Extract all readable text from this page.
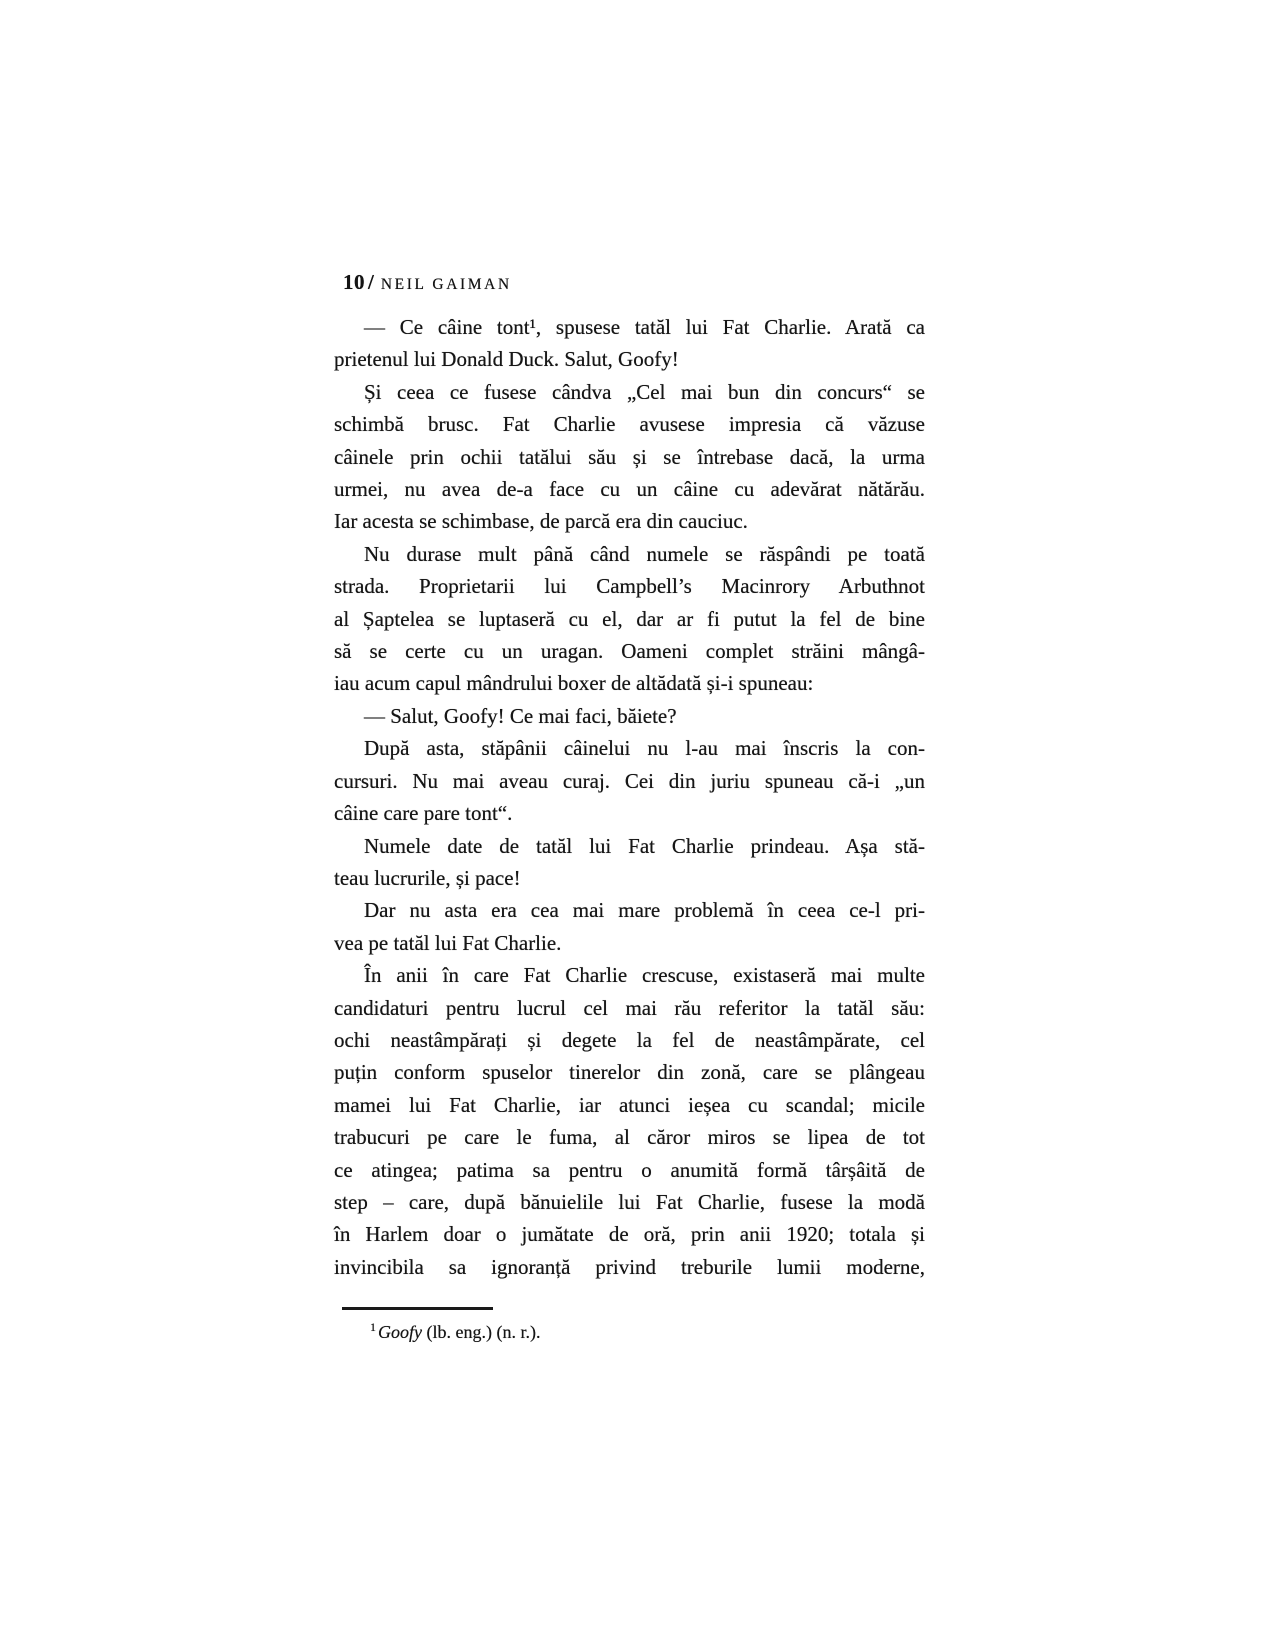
10 / NEIL GAIMAN
— Ce câine tont¹, spusese tatăl lui Fat Charlie. Arată ca
prietenul lui Donald Duck. Salut, Goofy!
Și ceea ce fusese cândva „Cel mai bun din concurs“ se
schimbă brusc. Fat Charlie avusese impresia că văzuse
câinele prin ochii tatălui său și se întrebase dacă, la urma
urmei, nu avea de-a face cu un câine cu adevărat nătărău.
Iar acesta se schimbase, de parcă era din cauciuc.
Nu durase mult până când numele se răspândi pe toată
strada. Proprietarii lui Campbell’s Macinrory Arbuthnot
al Șaptelea se luptaseră cu el, dar ar fi putut la fel de bine
să se certe cu un uragan. Oameni complet străini mângâ-
iau acum capul mândrului boxer de altădată și-i spuneau:
— Salut, Goofy! Ce mai faci, băiete?
După asta, stăpânii câinelui nu l-au mai înscris la con-
cursuri. Nu mai aveau curaj. Cei din juriu spuneau că-i „un
câine care pare tont“.
Numele date de tatăl lui Fat Charlie prindeau. Așa stă-
teau lucrurile, și pace!
Dar nu asta era cea mai mare problemă în ceea ce-l pri-
vea pe tatăl lui Fat Charlie.
În anii în care Fat Charlie crescuse, existaseră mai multe
candidaturi pentru lucrul cel mai rău referitor la tatăl său:
ochi neastâmpărați și degete la fel de neastâmpărate, cel
puțin conform spuselor tinerelor din zonă, care se plângeau
mamei lui Fat Charlie, iar atunci ieșea cu scandal; micile
trabucuri pe care le fuma, al căror miros se lipea de tot
ce atingea; patima sa pentru o anumită formă târșâită de
step – care, după bănuielile lui Fat Charlie, fusese la modă
în Harlem doar o jumătate de oră, prin anii 1920; totala și
invincibila sa ignoranță privind treburile lumii moderne,
$^1$ Goofy (lb. eng.) (n. r.).
